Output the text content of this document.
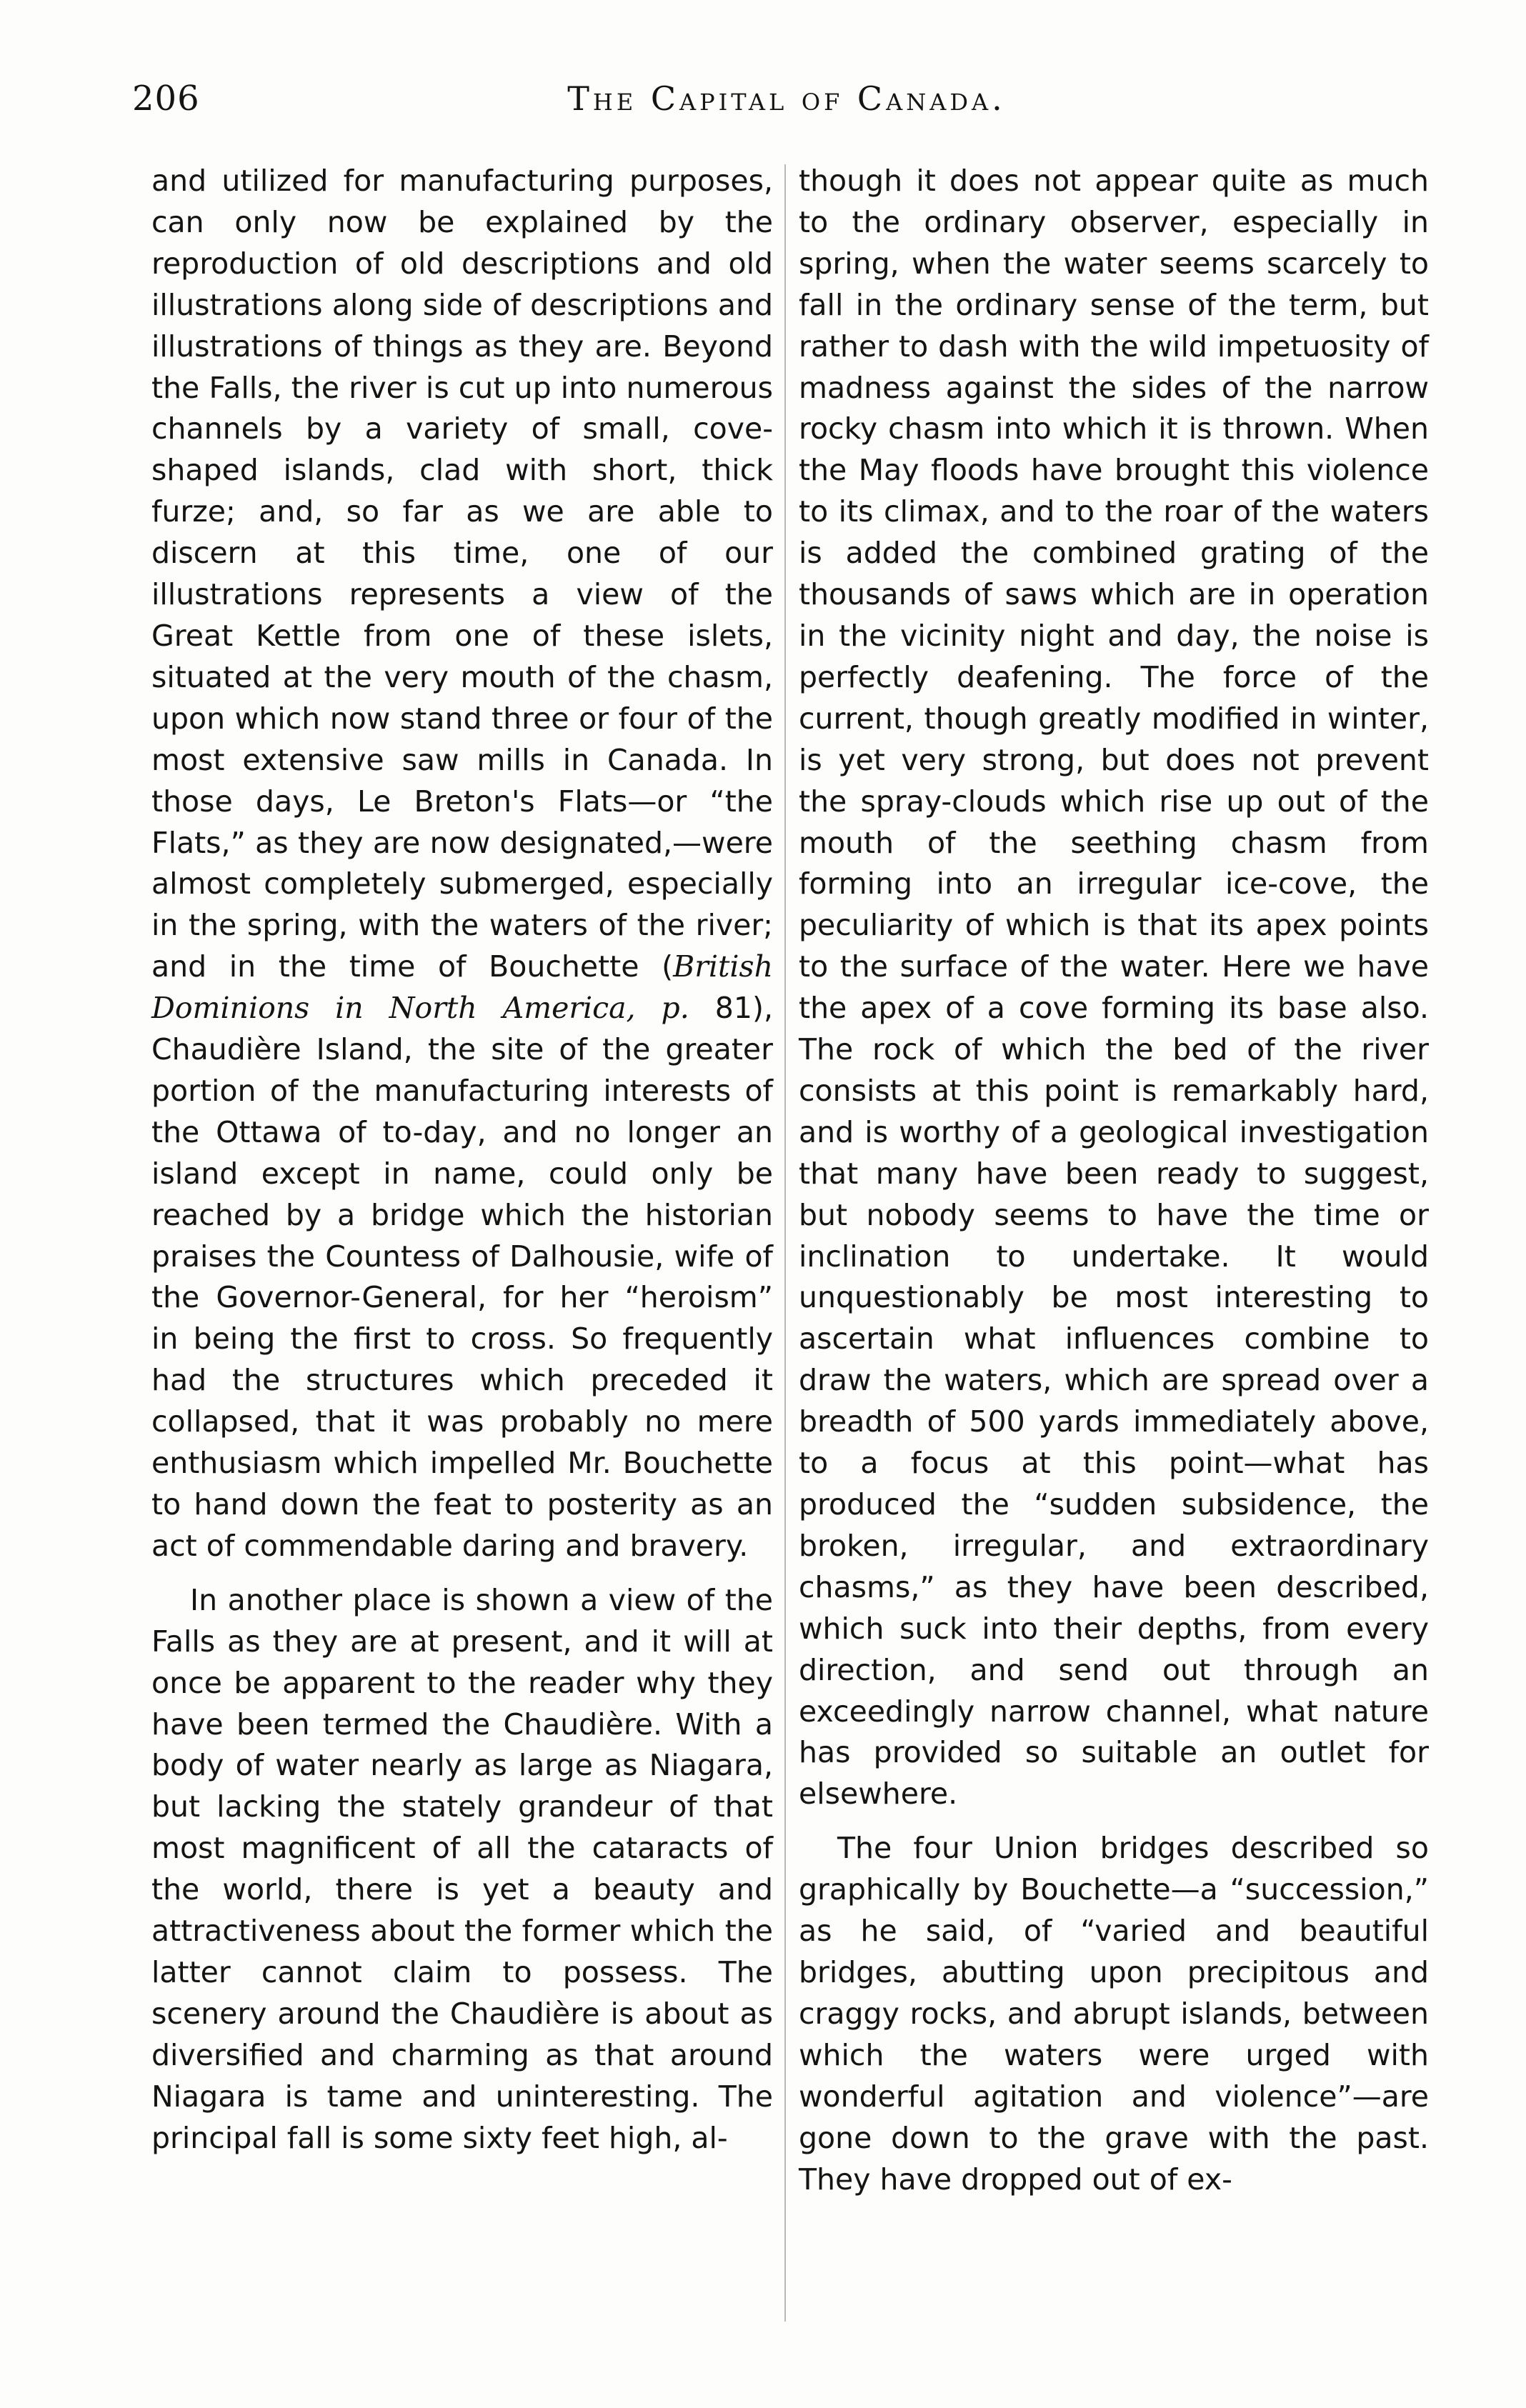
206	The Capital of Canada.

and utilized for manufacturing purposes, can only now be explained by the reproduction of old descriptions and old illustrations along side of descriptions and illustrations of things as they are. Beyond the Falls, the river is cut up into numerous channels by a variety of small, cove-shaped islands, clad with short, thick furze; and, so far as we are able to discern at this time, one of our illustrations represents a view of the Great Kettle from one of these islets, situated at the very mouth of the chasm, upon which now stand three or four of the most extensive saw mills in Canada. In those days, Le Breton's Flats—or “the Flats,” as they are now designated,—were almost completely submerged, especially in the spring, with the waters of the river; and in the time of Bouchette (British Dominions in North America, p. 81), Chaudière Island, the site of the greater portion of the manufacturing interests of the Ottawa of to-day, and no longer an island except in name, could only be reached by a bridge which the historian praises the Countess of Dalhousie, wife of the Governor-General, for her “heroism” in being the first to cross. So frequently had the structures which preceded it collapsed, that it was probably no mere enthusiasm which impelled Mr. Bouchette to hand down the feat to posterity as an act of commendable daring and bravery.

In another place is shown a view of the Falls as they are at present, and it will at once be apparent to the reader why they have been termed the Chaudière. With a body of water nearly as large as Niagara, but lacking the stately grandeur of that most magnificent of all the cataracts of the world, there is yet a beauty and attractiveness about the former which the latter cannot claim to possess. The scenery around the Chaudière is about as diversified and charming as that around Niagara is tame and uninteresting. The principal fall is some sixty feet high, al-

though it does not appear quite as much to the ordinary observer, especially in spring, when the water seems scarcely to fall in the ordinary sense of the term, but rather to dash with the wild impetuosity of madness against the sides of the narrow rocky chasm into which it is thrown. When the May floods have brought this violence to its climax, and to the roar of the waters is added the combined grating of the thousands of saws which are in operation in the vicinity night and day, the noise is perfectly deafening. The force of the current, though greatly modified in winter, is yet very strong, but does not prevent the spray-clouds which rise up out of the mouth of the seething chasm from forming into an irregular ice-cove, the peculiarity of which is that its apex points to the surface of the water. Here we have the apex of a cove forming its base also. The rock of which the bed of the river consists at this point is remarkably hard, and is worthy of a geological investigation that many have been ready to suggest, but nobody seems to have the time or inclination to undertake. It would unquestionably be most interesting to ascertain what influences combine to draw the waters, which are spread over a breadth of 500 yards immediately above, to a focus at this point—what has produced the “sudden subsidence, the broken, irregular, and extraordinary chasms,” as they have been described, which suck into their depths, from every direction, and send out through an exceedingly narrow channel, what nature has provided so suitable an outlet for elsewhere.

The four Union bridges described so graphically by Bouchette—a “succession,” as he said, of “varied and beautiful bridges, abutting upon precipitous and craggy rocks, and abrupt islands, between which the waters were urged with wonderful agitation and violence”—are gone down to the grave with the past. They have dropped out of ex-
